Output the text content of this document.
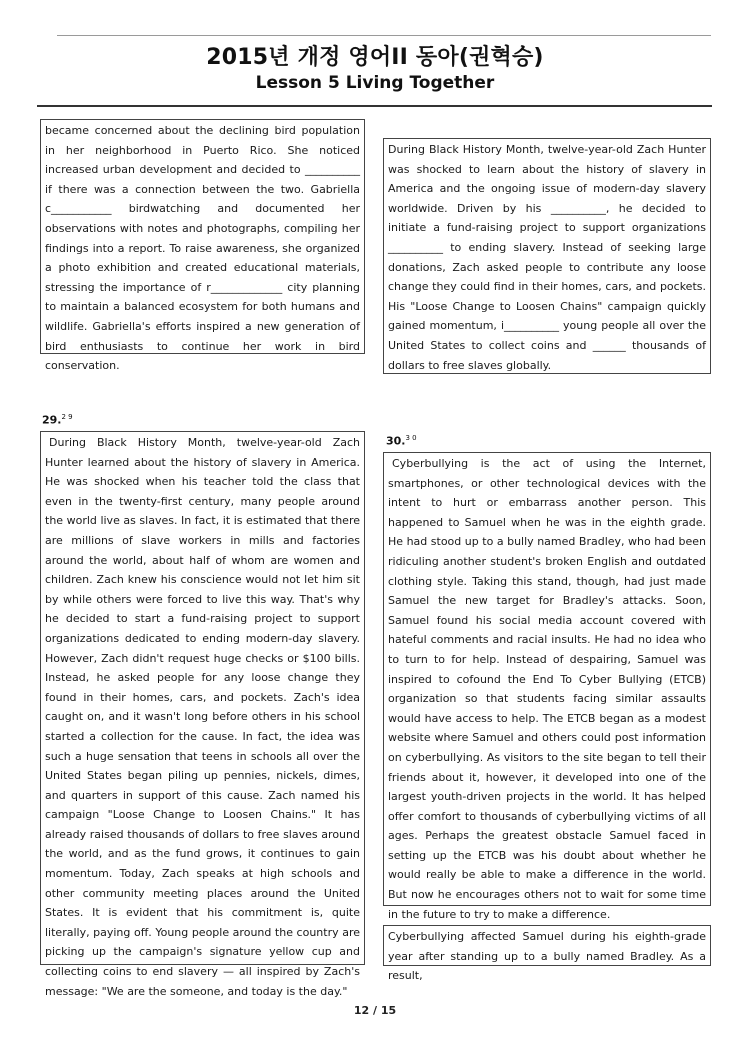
2015년 개정 영어II 동아(권혁승)
Lesson 5 Living Together

became concerned about the declining bird population in her neighborhood in Puerto Rico. She noticed increased urban development and decided to __________ if there was a connection between the two. Gabriella c___________ birdwatching and documented her observations with notes and photographs, compiling her findings into a report. To raise awareness, she organized a photo exhibition and created educational materials, stressing the importance of r_____________ city planning to maintain a balanced ecosystem for both humans and wildlife. Gabriella's efforts inspired a new generation of bird enthusiasts to continue her work in bird conservation.

During Black History Month, twelve-year-old Zach Hunter was shocked to learn about the history of slavery in America and the ongoing issue of modern-day slavery worldwide. Driven by his __________, he decided to initiate a fund-raising project to support organizations __________ to ending slavery. Instead of seeking large donations, Zach asked people to contribute any loose change they could find in their homes, cars, and pockets. His "Loose Change to Loosen Chains" campaign quickly gained momentum, i__________ young people all over the United States to collect coins and ______ thousands of dollars to free slaves globally.

29.$^{2 9}$

During Black History Month, twelve-year-old Zach Hunter learned about the history of slavery in America. He was shocked when his teacher told the class that even in the twenty-first century, many people around the world live as slaves. In fact, it is estimated that there are millions of slave workers in mills and factories around the world, about half of whom are women and children. Zach knew his conscience would not let him sit by while others were forced to live this way. That's why he decided to start a fund-raising project to support organizations dedicated to ending modern-day slavery. However, Zach didn't request huge checks or $100 bills. Instead, he asked people for any loose change they found in their homes, cars, and pockets. Zach's idea caught on, and it wasn't long before others in his school started a collection for the cause. In fact, the idea was such a huge sensation that teens in schools all over the United States began piling up pennies, nickels, dimes, and quarters in support of this cause. Zach named his campaign "Loose Change to Loosen Chains." It has already raised thousands of dollars to free slaves around the world, and as the fund grows, it continues to gain momentum. Today, Zach speaks at high schools and other community meeting places around the United States. It is evident that his commitment is, quite literally, paying off. Young people around the country are picking up the campaign's signature yellow cup and collecting coins to end slavery — all inspired by Zach's message: "We are the someone, and today is the day."

30.$^{3 0}$

Cyberbullying is the act of using the Internet, smartphones, or other technological devices with the intent to hurt or embarrass another person. This happened to Samuel when he was in the eighth grade. He had stood up to a bully named Bradley, who had been ridiculing another student's broken English and outdated clothing style. Taking this stand, though, had just made Samuel the new target for Bradley's attacks. Soon, Samuel found his social media account covered with hateful comments and racial insults. He had no idea who to turn to for help. Instead of despairing, Samuel was inspired to cofound the End To Cyber Bullying (ETCB) organization so that students facing similar assaults would have access to help. The ETCB began as a modest website where Samuel and others could post information on cyberbullying. As visitors to the site began to tell their friends about it, however, it developed into one of the largest youth-driven projects in the world. It has helped offer comfort to thousands of cyberbullying victims of all ages. Perhaps the greatest obstacle Samuel faced in setting up the ETCB was his doubt about whether he would really be able to make a difference in the world. But now he encourages others not to wait for some time in the future to try to make a difference.

Cyberbullying affected Samuel during his eighth-grade year after standing up to a bully named Bradley. As a result,

12 / 15
